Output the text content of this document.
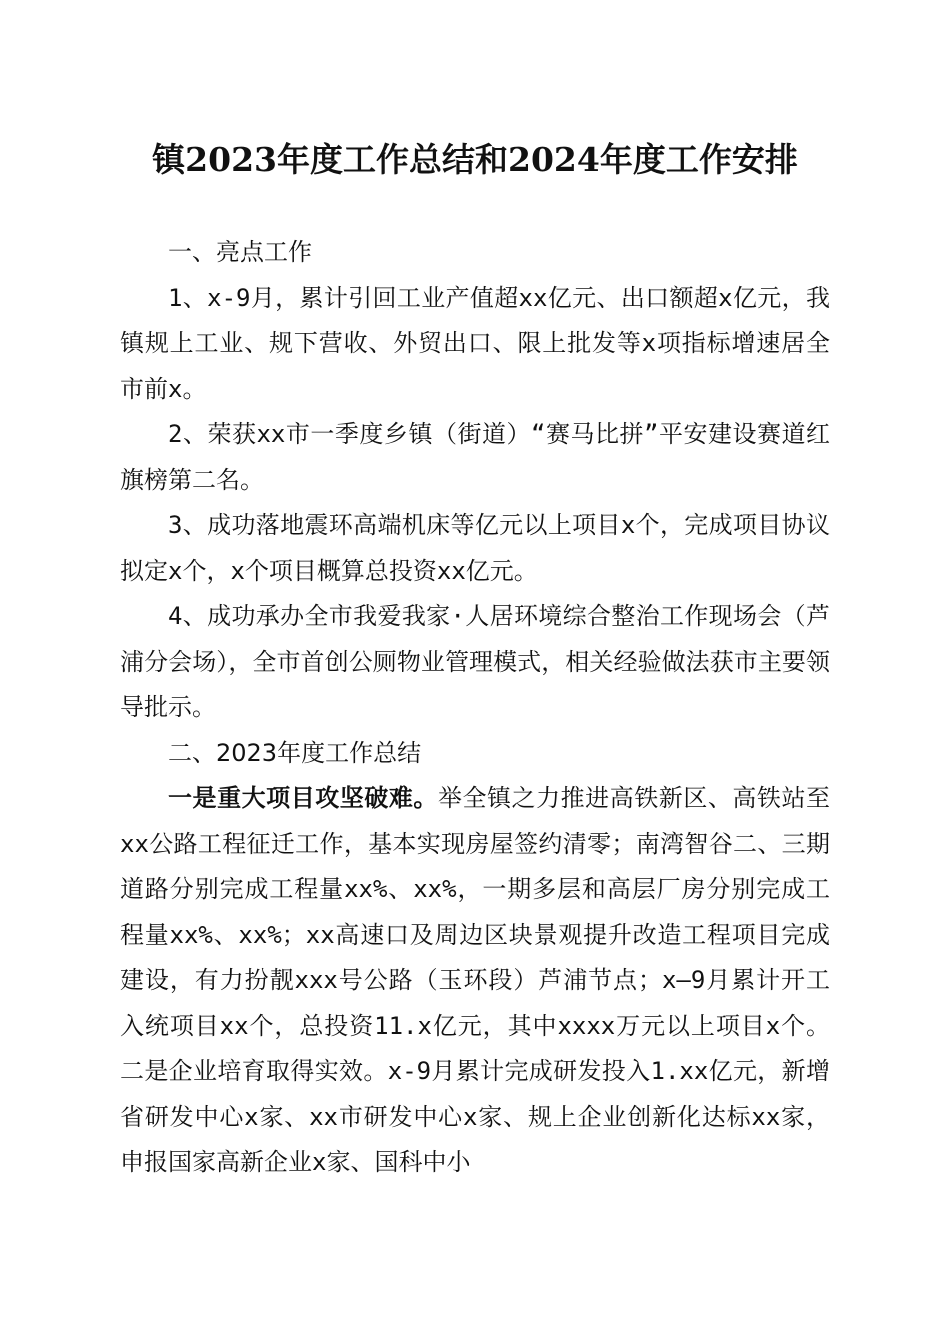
镇2023年度工作总结和2024年度工作安排

一、亮点工作

1、x-9月，累计引回工业产值超xx亿元、出口额超x亿元，我镇规上工业、规下营收、外贸出口、限上批发等x项指标增速居全市前x。

2、荣获xx市一季度乡镇（街道）“赛马比拼”平安建设赛道红旗榜第二名。

3、成功落地震环高端机床等亿元以上项目x个，完成项目协议拟定x个，x个项目概算总投资xx亿元。

4、成功承办全市我爱我家·人居环境综合整治工作现场会（芦浦分会场），全市首创公厕物业管理模式，相关经验做法获市主要领导批示。

二、2023年度工作总结

一是重大项目攻坚破难。举全镇之力推进高铁新区、高铁站至xx公路工程征迁工作，基本实现房屋签约清零；南湾智谷二、三期道路分别完成工程量xx%、xx%，一期多层和高层厂房分别完成工程量xx%、xx%；xx高速口及周边区块景观提升改造工程项目完成建设，有力扮靓xxx号公路（玉环段）芦浦节点；x—9月累计开工入统项目xx个，总投资11.x亿元，其中xxxx万元以上项目x个。二是企业培育取得实效。x-9月累计完成研发投入1.xx亿元，新增省研发中心x家、xx市研发中心x家、规上企业创新化达标xx家，申报国家高新企业x家、国科中小
